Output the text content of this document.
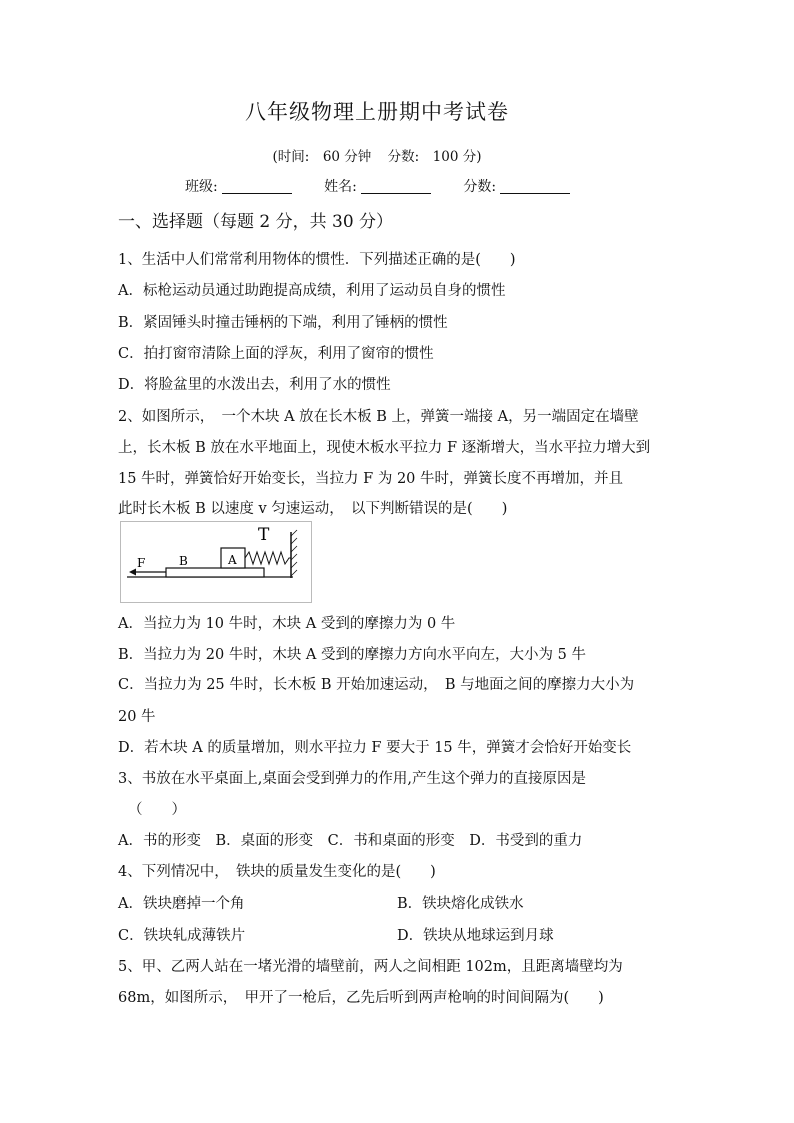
八年级物理上册期中考试卷
(时间:　60 分钟 分数:　100 分)
班级:	姓名:	分数:
一、选择题（每题 2 分，共 30 分）
1、生活中人们常常利用物体的惯性．下列描述正确的是(　　)
A．标枪运动员通过助跑提高成绩，利用了运动员自身的惯性
B．紧固锤头时撞击锤柄的下端，利用了锤柄的惯性
C．拍打窗帘清除上面的浮灰，利用了窗帘的惯性
D．将脸盆里的水泼出去，利用了水的惯性
2、如图所示，　一个木块 A 放在长木板 B 上，弹簧一端接 A，另一端固定在墙壁
上，长木板 B 放在水平地面上，现使木板水平拉力 F 逐渐增大，当水平拉力增大到
15 牛时，弹簧恰好开始变长，当拉力 F 为 20 牛时，弹簧长度不再增加，并且
此时长木板 B 以速度 v 匀速运动，　以下判断错误的是(　　)
F	B	A
T
A．当拉力为 10 牛时，木块 A 受到的摩擦力为 0 牛
B．当拉力为 20 牛时，木块 A 受到的摩擦力方向水平向左，大小为 5 牛
C．当拉力为 25 牛时，长木板 B 开始加速运动，　B 与地面之间的摩擦力大小为
20 牛
D．若木块 A 的质量增加，则水平拉力 F 要大于 15 牛，弹簧才会恰好开始变长
3、书放在水平桌面上,桌面会受到弹力的作用,产生这个弹力的直接原因是
（　　）
A．书的形变　B．桌面的形变　C．书和桌面的形变　D．书受到的重力
4、下列情况中，　铁块的质量发生变化的是(　　)
A．铁块磨掉一个角	B．铁块熔化成铁水
C．铁块轧成薄铁片	D．铁块从地球运到月球
5、甲、乙两人站在一堵光滑的墙壁前，两人之间相距 102m，且距离墙壁均为
68m，如图所示，　甲开了一枪后，乙先后听到两声枪响的时间间隔为(　　)
